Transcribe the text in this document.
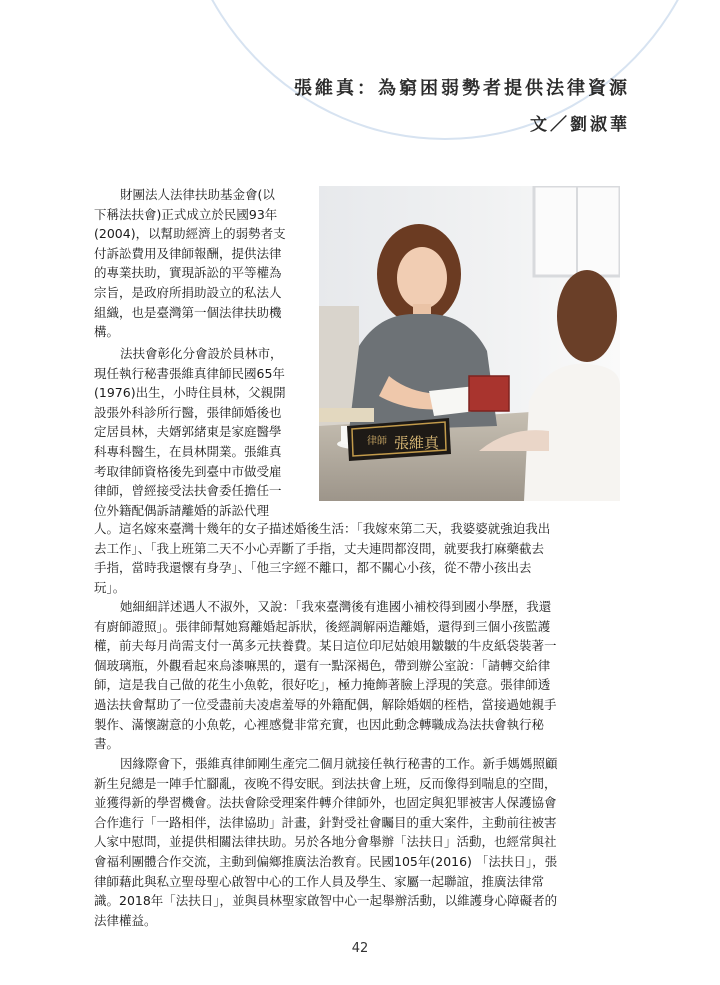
張維真：為窮困弱勢者提供法律資源
文／劉淑華

財團法人法律扶助基金會(以
下稱法扶會)正式成立於民國93年
(2004)，以幫助經濟上的弱勢者支
付訴訟費用及律師報酬，提供法律
的專業扶助，實現訴訟的平等權為
宗旨，是政府所捐助設立的私法人
組織，也是臺灣第一個法律扶助機
構。

法扶會彰化分會設於員林市，
現任執行秘書張維真律師民國65年
(1976)出生，小時住員林，父親開
設張外科診所行醫，張律師婚後也
定居員林，夫婿郭緒東是家庭醫學
科專科醫生，在員林開業。張維真
考取律師資格後先到臺中市做受雇
律師，曾經接受法扶會委任擔任一
位外籍配偶訴請離婚的訴訟代理

人。這名嫁來臺灣十幾年的女子描述婚後生活：「我嫁來第二天，我婆婆就強迫我出
去工作」、「我上班第二天不小心弄斷了手指，丈夫連問都沒問，就要我打麻藥截去
手指，當時我還懷有身孕」、「他三字經不離口，都不關心小孩，從不帶小孩出去
玩」。

她細細詳述遇人不淑外，又說：「我來臺灣後有進國小補校得到國小學歷，我還
有廚師證照」。張律師幫她寫離婚起訴狀，後經調解兩造離婚，還得到三個小孩監護
權，前夫每月尚需支付一萬多元扶養費。某日這位印尼姑娘用皺皺的牛皮紙袋裝著一
個玻璃瓶，外觀看起來烏漆嘛黑的，還有一點深褐色，帶到辦公室說：「請轉交給律
師，這是我自己做的花生小魚乾，很好吃」，極力掩飾著臉上浮現的笑意。張律師透
過法扶會幫助了一位受盡前夫凌虐羞辱的外籍配偶，解除婚姻的桎梏，當接過她親手
製作、滿懷謝意的小魚乾，心裡感覺非常充實，也因此動念轉職成為法扶會執行秘
書。

因緣際會下，張維真律師剛生產完二個月就接任執行秘書的工作。新手媽媽照顧
新生兒總是一陣手忙腳亂，夜晚不得安眠。到法扶會上班，反而像得到喘息的空間，
並獲得新的學習機會。法扶會除受理案件轉介律師外，也固定與犯罪被害人保護協會
合作進行「一路相伴，法律協助」計畫，針對受社會矚目的重大案件，主動前往被害
人家中慰問，並提供相關法律扶助。另於各地分會舉辦「法扶日」活動，也經常與社
會福利團體合作交流，主動到偏鄉推廣法治教育。民國105年(2016) 「法扶日」，張
律師藉此與私立聖母聖心啟智中心的工作人員及學生、家屬一起聯誼，推廣法律常
識。2018年「法扶日」，並與員林聖家啟智中心一起舉辦活動，以維護身心障礙者的
法律權益。

律師 張維真
42
